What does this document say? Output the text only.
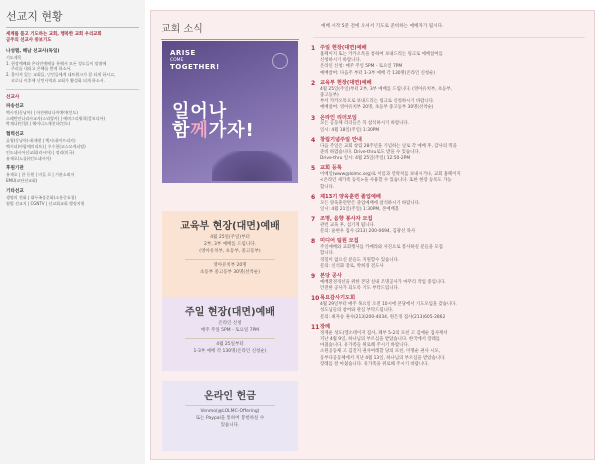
선교지 현황
세계를 품고 기도하는 교회, 행복한 교회 우리교회
금주의 선교사 중보기도
나성렬, 해남 선교사(독일)
기도제목
1. 현장예배와 온라인예배를 통해서 모든 성도들이 말씀에
주리를 내리고 은혜롭 받게 하소서.
2. 흩어져 있는 교회들, 난민들에게 네트워크가 잘 되게 하시고,
코로나 이후에 난민사역과 교회가 활성화 되게 하소서.
선교사
파송선교
백시진(동남아) | 아진팬더나이예야(인도)
스페탄안나리사교자(스리랑카) | 에버그리워희(캄보디아)
박재나(인청) | 헤어니스재진다(인도)
협력선교
류영(동남아)-최재현 | 백시더(아프리카)
백시더(아랍에미리트) | 우수헌(코스모캐피탈)
인도네시아선교회(러시아) | 정리(미국)
유재오(노를)(인도네시아)
후원기관
유재오 | 한 동원 | 미들 로 | 기관소외서
EMU(교단선교회)
기타선교
생명의 전화 | 대두족물문화(소통중요청)
월별 선교지 | CGNTV | 선교회교회 행정지원
교회 소식	예배 시작 5분 전에 오셔서 기도로 준비하는 예배자가 됩시다.
ARISE
COME
TOGETHER!
일어나
함께가자!
교육부 현장(대면)예배
4월 25일(주일)부터
2부, 3부 예배를 드립니다.
(영아유치부, 초등부, 중고등부)
영아유치부 20명
초등부 중고등부 30명(선착순)
주일 현장(대면)예배
온라인 신청
매주 주일 5PM - 토요일 7PM
4월 25일부터
1-3부 예배 각 130명(온라인 신청순)
온라인 헌금
Venmo(@LOLMC-Offering)
또는 Paypal을 통하여 봉헌하실 수
있습니다.
1 주일 현장(대면)예배
홈페이지 또는 카카오톡을 통하여 보내드리는 링크로 예배참여를
신청하시기 바랍니다.
온라인 신청: 매주 주일 5PM - 토요일 7PM
예배참여: 다음주 부터 1-3부 예배 각 130명(온라인 신청순)
2 교육부 현장(대면)예배
4월 25일(주일)부터 2부, 3부 예배를 드립니다. (영아유치부, 초등부,
중고등부)
부서 카카오톡으로 보내드리는 링크로 신청하시기 바랍니다.
예배참여: 영아유치부 20명, 초등부 중고등부 30명(선착순)
3 온라인 리더모임
모든 공동체 리더들은 꼭 참석하시기 바랍니다.
일시: 4월 18일(주일) 1:30PM
4 창립기념주일 안내
다음 주일은 교회 창립 28주년을 기념하는 날로 각 예배 후, 감사의 떡을
준비 하였습니다. Drive-thru로도 받을 수 있습니다.
Drive-thru 일시: 4월 25일(주일) 12:50-2PM
5 교회 등록
이메일(www@lolmc.org)로 이름과 연락처를 보내시거나, 교회 홈페이지
<온라인 새가족 등록>을 사용할 수 있습니다. 또한 현장 등록도 가능
합니다.
6 제13기 양육훈련 졸업예배
모든 양육훈련반은 졸업예배에 참석하시기 바랍니다.
일시: 4월 21일(주일) 1:30PM, 본예배홀
7 조명, 음향 봉사자 모집
관련 교육 후, 섬기게 됩니다.
문의: 윤현우 집사 (213) 200-0694, 김광선 목사
8 미디어 팀원 모집
주일예배와 교회행사를 카메라와 사진으로 봉사하실 분들을 모집
합니다.
경험이 없으신 분들도 지원할수 있습니다.
문의: 신석화 장로, 박희경 전도사
9 본당 공사
예배환경개선을 위한 본당 실내 조명공사가 마무리 작업 중입니다.
안전한 공사가 되도록 기도 부탁드립니다.
10 목요감사기도회
4월 29일부터 매주 목요일 오전 10시에 본당에서 기도모임을 갖습니다.
성도님들의 참여와 관심 부탁드립니다.
문의: 최자승 권사(213)200-4034, 원은경 집사(213)605-2862
11 장례
정재운 성도(엘소테이지 집사, 폐부 5-2의 모친 고 김예순 집사께서
지난 4월 9일, 하나님의 부르심을 받았습니다. 한국에서 장례를
마쳤습니다. 유가족들 위로해 주시기 바랍니다.
소원공동체 고 김진지 권사여래할 당의 모친, 이명순 권사 시모,
동부다공동체에서 지난 4월 13일, 하나님의 부르심을 받았습니다.
장례를 잘 마쳤습니다. 유가족을 위로해 주시기 바랍니다.
